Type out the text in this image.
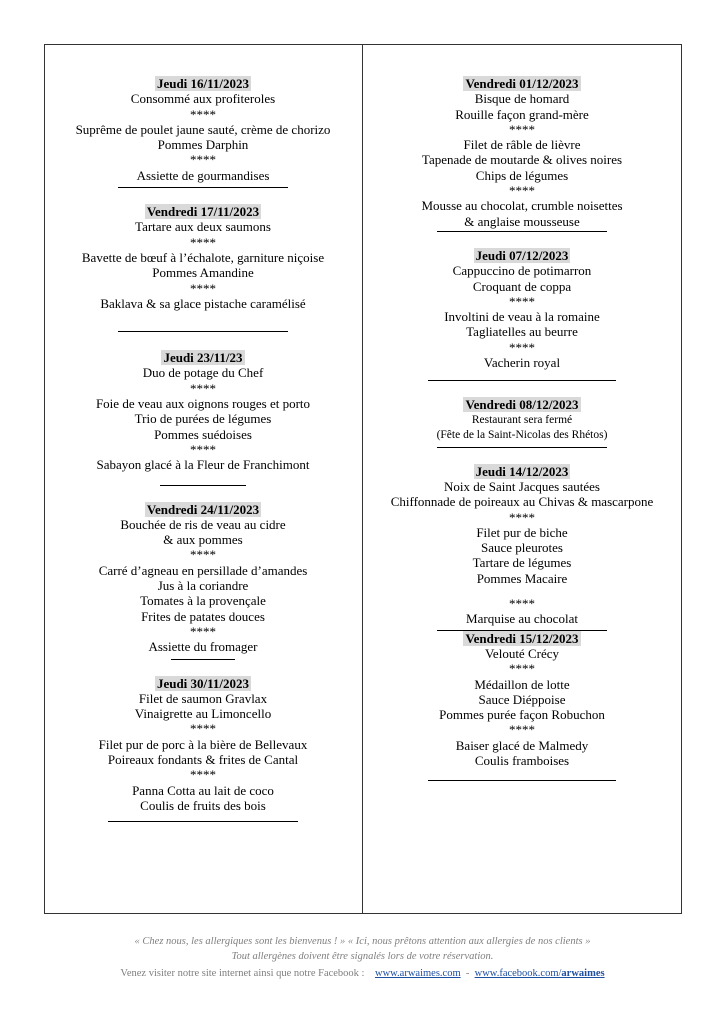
Jeudi 16/11/2023
Consommé aux profiteroles
****
Suprême de poulet jaune sauté, crème de chorizo
Pommes Darphin
****
Assiette de gourmandises
Vendredi 17/11/2023
Tartare aux deux saumons
****
Bavette de bœuf à l’échalote, garniture niçoise
Pommes Amandine
****
Baklava & sa glace pistache caramélisé
Jeudi 23/11/23
Duo de potage du Chef
****
Foie de veau aux oignons rouges et porto
Trio de purées de légumes
Pommes suédoises
****
Sabayon glacé à la Fleur de Franchimont
Vendredi 24/11/2023
Bouchée de ris de veau au cidre
& aux pommes
****
Carré d’agneau en persillade d’amandes
Jus à la coriandre
Tomates à la provençale
Frites de patates douces
****
Assiette du fromager
Jeudi 30/11/2023
Filet de saumon Gravlax
Vinaigrette au Limoncello
****
Filet pur de porc à la bière de Bellevaux
Poireaux fondants & frites de Cantal
****
Panna Cotta au lait de coco
Coulis de fruits des bois
Vendredi 01/12/2023
Bisque de homard
Rouille façon grand-mère
****
Filet de râble de lièvre
Tapenade de moutarde & olives noires
Chips de légumes
****
Mousse au chocolat, crumble noisettes
& anglaise mousseuse
Jeudi 07/12/2023
Cappuccino de potimarron
Croquant de coppa
****
Involtini de veau à la romaine
Tagliatelles au beurre
****
Vacherin royal
Vendredi 08/12/2023
Restaurant sera fermé
(Fête de la Saint-Nicolas des Rhétos)
Jeudi 14/12/2023
Noix de Saint Jacques sautées
Chiffonnade de poireaux au Chivas & mascarpone
****
Filet pur de biche
Sauce pleurotes
Tartare de légumes
Pommes Macaire
****
Marquise au chocolat
Vendredi 15/12/2023
Velouté Crécy
****
Médaillon de lotte
Sauce Diéppoise
Pommes purée façon Robuchon
****
Baiser glacé de Malmedy
Coulis framboises
« Chez nous, les allergiques sont les bienvenus ! » « Ici, nous prêtons attention aux allergies de nos clients »
Tout allergènes doivent être signalés lors de votre réservation.
Venez visiter notre site internet ainsi que notre Facebook : www.arwaimes.com - www.facebook.com/arwaimes
